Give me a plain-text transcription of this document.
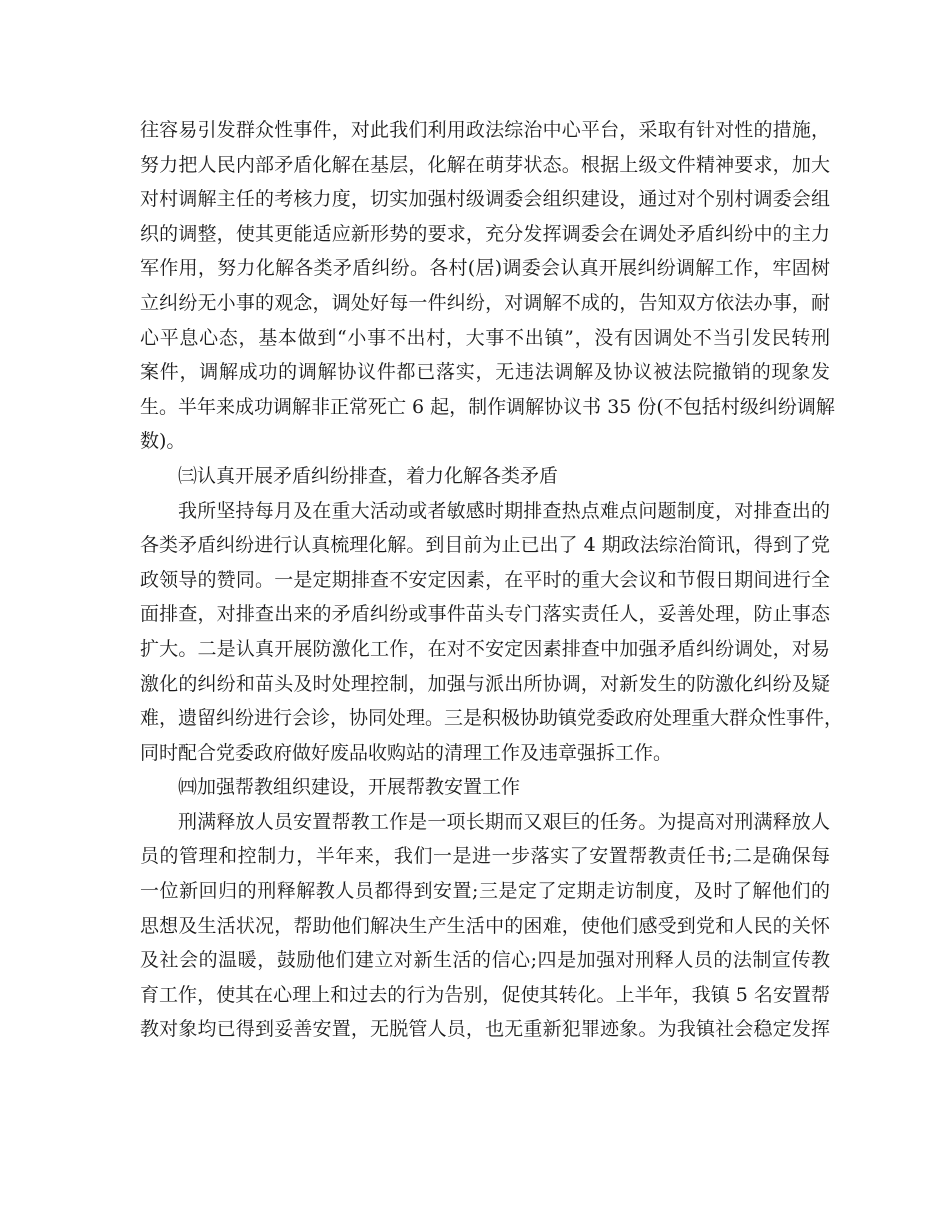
往容易引发群众性事件，对此我们利用政法综治中心平台，采取有针对性的措施，
努力把人民内部矛盾化解在基层，化解在萌芽状态。根据上级文件精神要求，加大
对村调解主任的考核力度，切实加强村级调委会组织建设，通过对个别村调委会组
织的调整，使其更能适应新形势的要求，充分发挥调委会在调处矛盾纠纷中的主力
军作用，努力化解各类矛盾纠纷。各村(居)调委会认真开展纠纷调解工作，牢固树
立纠纷无小事的观念，调处好每一件纠纷，对调解不成的，告知双方依法办事，耐
心平息心态，基本做到“小事不出村，大事不出镇”，没有因调处不当引发民转刑
案件，调解成功的调解协议件都已落实，无违法调解及协议被法院撤销的现象发
生。半年来成功调解非正常死亡 6 起，制作调解协议书 35 份(不包括村级纠纷调解
数)。
㈢认真开展矛盾纠纷排查，着力化解各类矛盾
我所坚持每月及在重大活动或者敏感时期排查热点难点问题制度，对排查出的
各类矛盾纠纷进行认真梳理化解。到目前为止已出了 4 期政法综治简讯，得到了党
政领导的赞同。一是定期排查不安定因素，在平时的重大会议和节假日期间进行全
面排查，对排查出来的矛盾纠纷或事件苗头专门落实责任人，妥善处理，防止事态
扩大。二是认真开展防激化工作，在对不安定因素排查中加强矛盾纠纷调处，对易
激化的纠纷和苗头及时处理控制，加强与派出所协调，对新发生的防激化纠纷及疑
难，遗留纠纷进行会诊，协同处理。三是积极协助镇党委政府处理重大群众性事件，
同时配合党委政府做好废品收购站的清理工作及违章强拆工作。
㈣加强帮教组织建设，开展帮教安置工作
刑满释放人员安置帮教工作是一项长期而又艰巨的任务。为提高对刑满释放人
员的管理和控制力，半年来，我们一是进一步落实了安置帮教责任书;二是确保每
一位新回归的刑释解教人员都得到安置;三是定了定期走访制度，及时了解他们的
思想及生活状况，帮助他们解决生产生活中的困难，使他们感受到党和人民的关怀
及社会的温暖，鼓励他们建立对新生活的信心;四是加强对刑释人员的法制宣传教
育工作，使其在心理上和过去的行为告别，促使其转化。上半年，我镇 5 名安置帮
教对象均已得到妥善安置，无脱管人员，也无重新犯罪迹象。为我镇社会稳定发挥
